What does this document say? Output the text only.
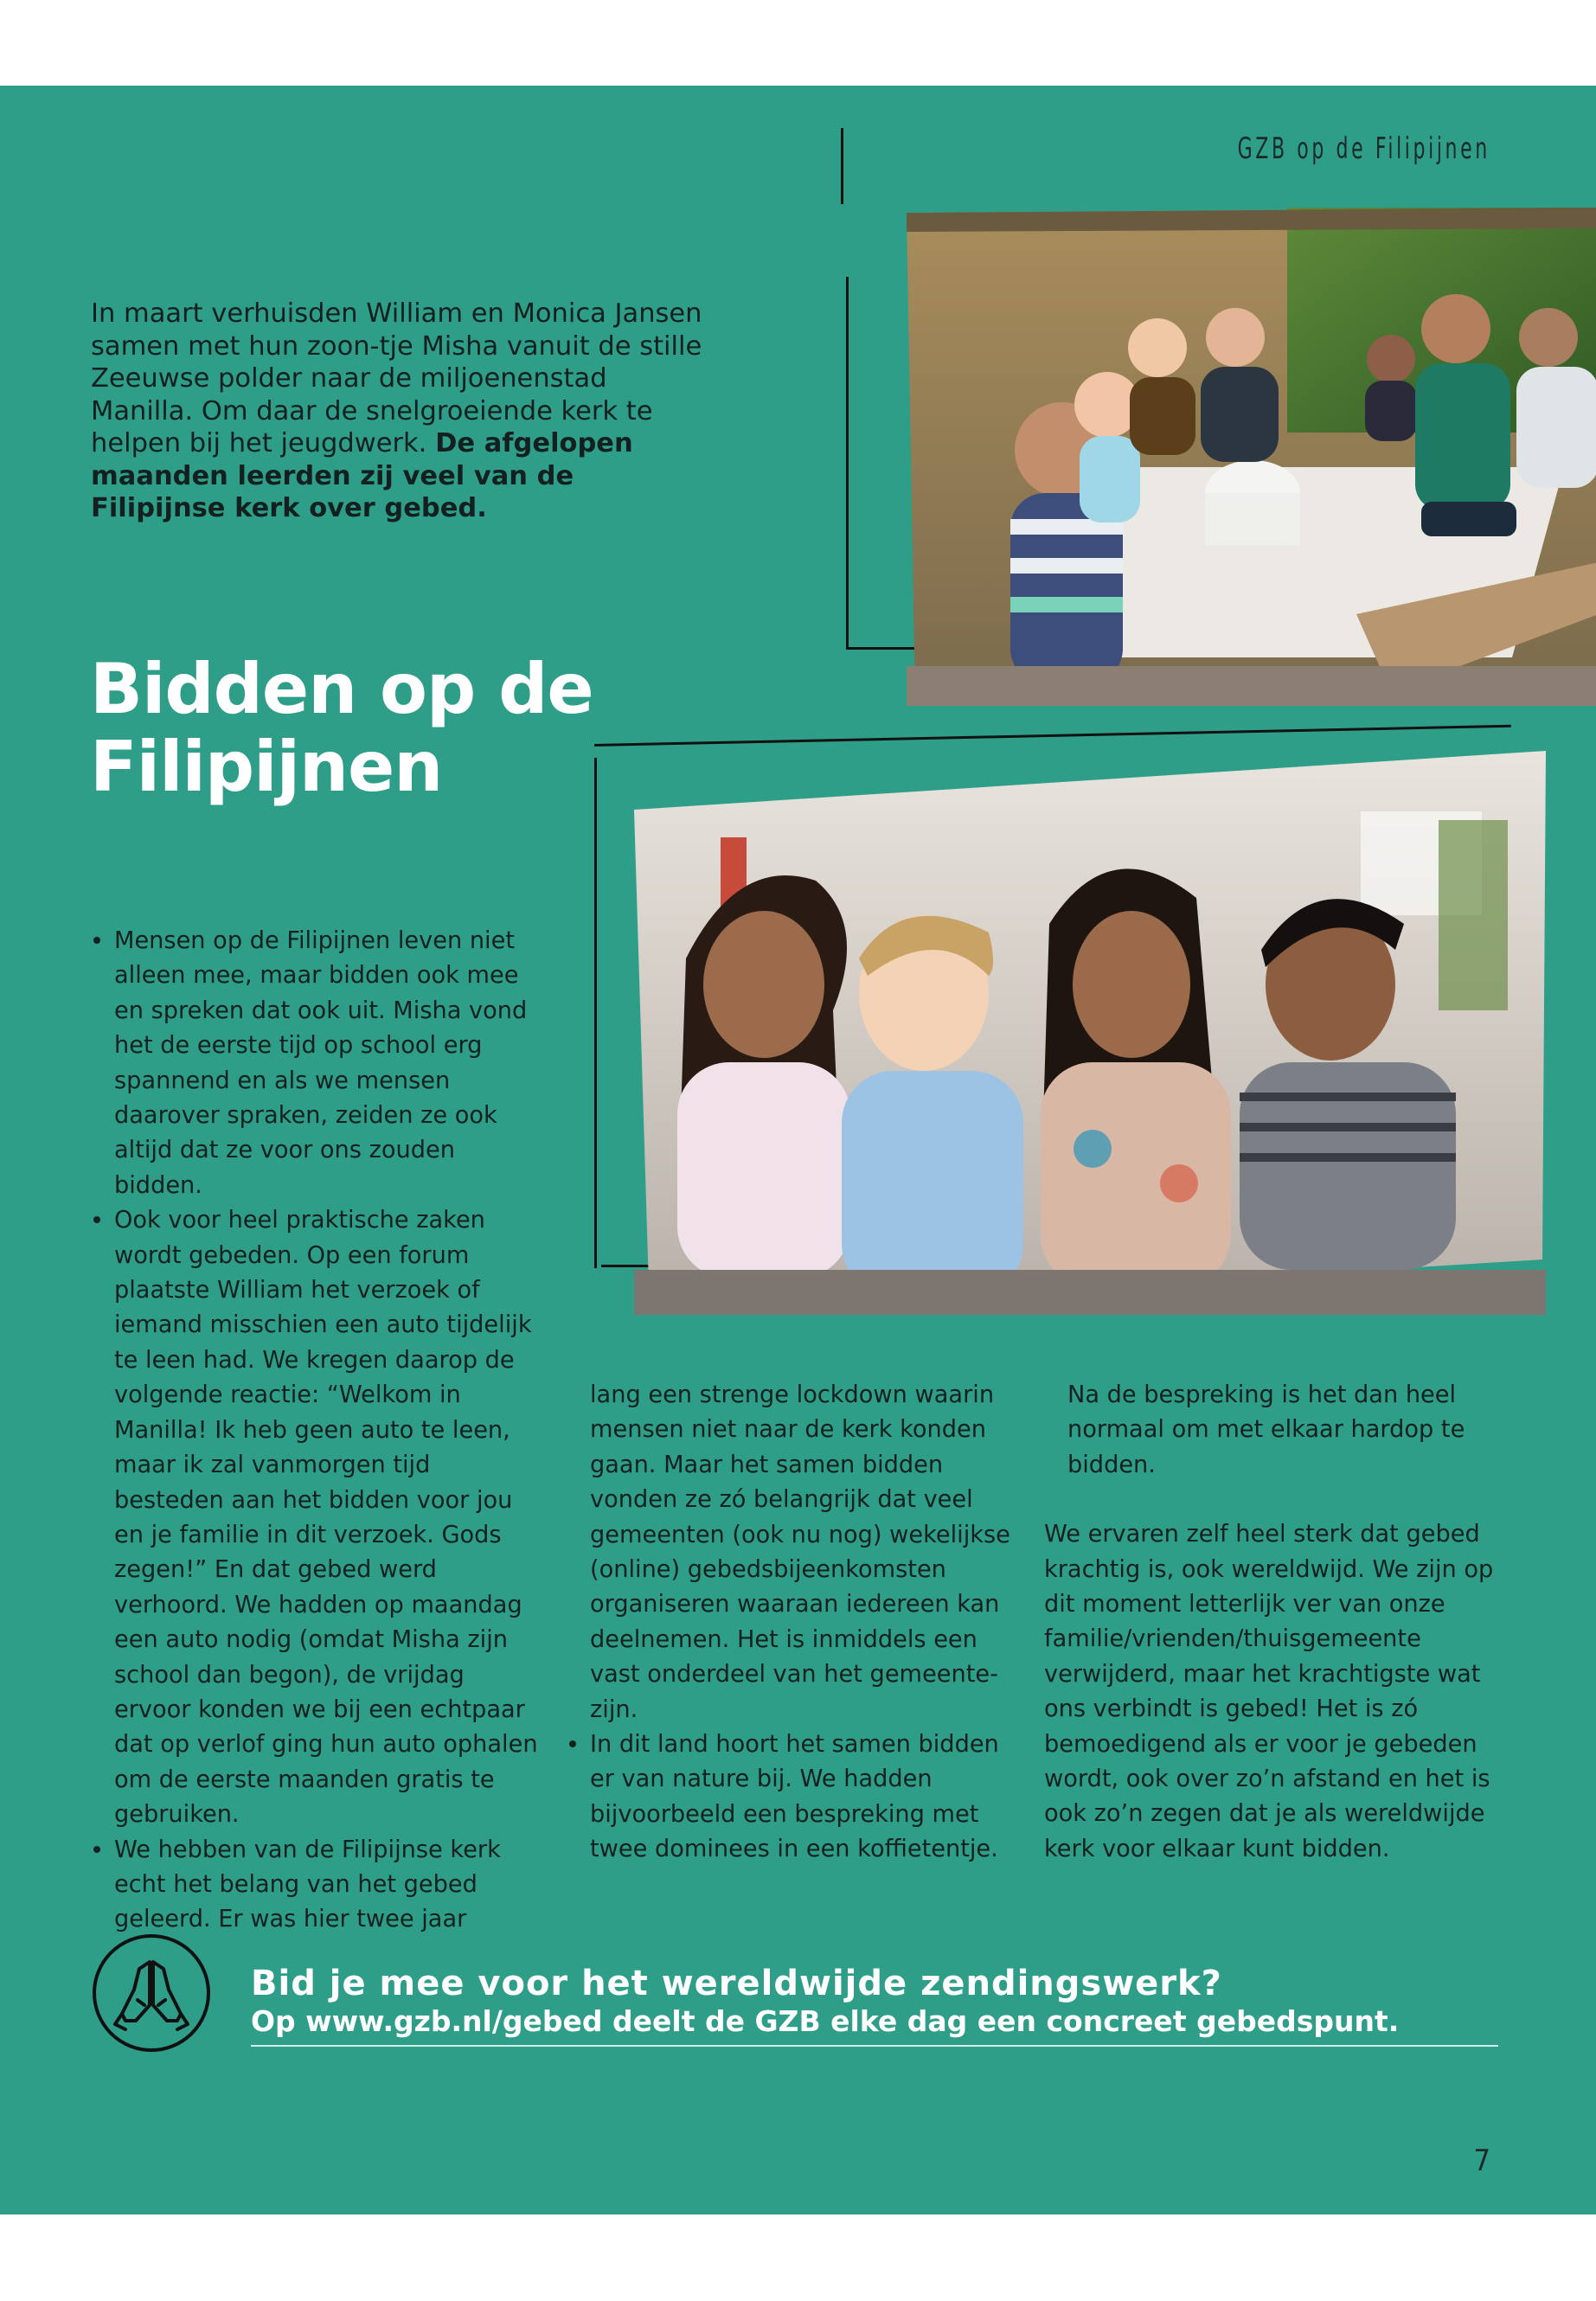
GZB op de Filipijnen

In maart verhuisden William en Monica Jansen samen met hun zoon-tje Misha vanuit de stille Zeeuwse polder naar de miljoenenstad Manilla. Om daar de snelgroeiende kerk te helpen bij het jeugdwerk. De afgelopen maanden leerden zij veel van de Filipijnse kerk over gebed.

Bidden op de
Filipijnen

Mensen op de Filipijnen leven niet alleen mee, maar bidden ook mee en spreken dat ook uit. Misha vond het de eerste tijd op school erg spannend en als we mensen daarover spraken, zeiden ze ook altijd dat ze voor ons zouden bidden.

Ook voor heel praktische zaken wordt gebeden. Op een forum plaatste William het verzoek of iemand misschien een auto tijdelijk te leen had. We kregen daarop de volgende reactie: “Welkom in Manilla! Ik heb geen auto te leen, maar ik zal vanmorgen tijd besteden aan het bidden voor jou en je familie in dit verzoek. Gods zegen!” En dat gebed werd verhoord. We hadden op maandag een auto nodig (omdat Misha zijn school dan begon), de vrijdag ervoor konden we bij een echtpaar dat op verlof ging hun auto ophalen om de eerste maanden gratis te gebruiken.

We hebben van de Filipijnse kerk echt het belang van het gebed geleerd. Er was hier twee jaar

lang een strenge lockdown waarin mensen niet naar de kerk konden gaan. Maar het samen bidden vonden ze zó belangrijk dat veel gemeenten (ook nu nog) wekelijkse (online) gebedsbijeenkomsten organiseren waaraan iedereen kan deelnemen. Het is inmiddels een vast onderdeel van het gemeente-zijn.

In dit land hoort het samen bidden er van nature bij. We hadden bijvoorbeeld een bespreking met twee dominees in een koffietentje.

Na de bespreking is het dan heel normaal om met elkaar hardop te bidden.

We ervaren zelf heel sterk dat gebed krachtig is, ook wereldwijd. We zijn op dit moment letterlijk ver van onze familie/vrienden/thuisgemeente verwijderd, maar het krachtigste wat ons verbindt is gebed! Het is zó bemoedigend als er voor je gebeden wordt, ook over zo’n afstand en het is ook zo’n zegen dat je als wereldwijde kerk voor elkaar kunt bidden.

Bid je mee voor het wereldwijde zendingswerk?

Op www.gzb.nl/gebed deelt de GZB elke dag een concreet gebedspunt.

7
